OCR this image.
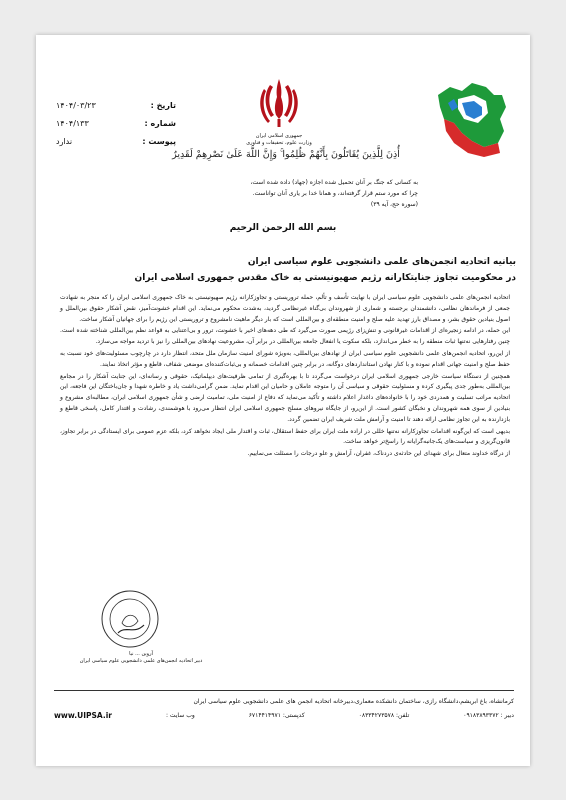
تاریخ :
۱۴۰۴/۰۳/۲۳
شماره :
۱۴۰۴/۱۳۳
پیوست :
ندارد
جمهوری اسلامی ایران
وزارت علوم، تحقیقات و فناوری
أُذِنَ لِلَّذِينَ يُقَاتَلُونَ بِأَنَّهُمْ ظُلِمُوا ۚ وَإِنَّ اللَّهَ عَلَىٰ نَصْرِهِمْ لَقَدِيرٌ
به کسانی که جنگ بر آنان تحمیل شده اجازه (جهاد) داده شده است،
چرا که مورد ستم قرار گرفته‌اند، و همانا خدا بر یاری آنان تواناست.
(سوره حج، آیه ۳۹)
بسم الله الرحمن الرحیم
بیانیه اتحادیه انجمن‌های علمی دانشجویی علوم سیاسی ایران
در محکومیت تجاوز جنایتکارانه رژیم صهیونیستی به خاک مقدس جمهوری اسلامی ایران

اتحادیه انجمن‌های علمی دانشجویی علوم سیاسی ایران با نهایت تأسف و تألم، حمله تروریستی و تجاوزکارانه رژیم صهیونیستی به خاک جمهوری اسلامی ایران را که منجر به شهادت جمعی از فرماندهان نظامی، دانشمندان برجسته و شماری از شهروندان بی‌گناه غیرنظامی گردید، به‌شدت محکوم می‌نماید. این اقدام خشونت‌آمیز، نقض آشکار حقوق بین‌الملل و اصول بنیادین حقوق بشر، و مصداق بارز تهدید علیه صلح و امنیت منطقه‌ای و بین‌المللی است که بار دیگر ماهیت نامشروع و تروریستی این رژیم را برای جهانیان آشکار ساخت.

این حمله، در ادامه زنجیره‌ای از اقدامات غیرقانونی و تنش‌زای رژیمی صورت می‌گیرد که طی دهه‌های اخیر با خشونت، ترور و بی‌اعتنایی به قواعد نظم بین‌المللی شناخته شده است. چنین رفتارهایی نه‌تنها ثبات منطقه را به خطر می‌اندازد، بلکه سکوت یا انفعال جامعه بین‌المللی در برابر آن، مشروعیت نهادهای بین‌المللی را نیز با تردید مواجه می‌سازد.

از این‌رو، اتحادیه انجمن‌های علمی دانشجویی علوم سیاسی ایران از نهادهای بین‌المللی، به‌ویژه شورای امنیت سازمان ملل متحد، انتظار دارد در چارچوب مسئولیت‌های خود نسبت به حفظ صلح و امنیت جهانی اقدام نموده و با کنار نهادن استانداردهای دوگانه، در برابر چنین اقدامات خصمانه و بی‌ثبات‌کننده‌ای موضعی شفاف، قاطع و مؤثر اتخاذ نمایند.

همچنین از دستگاه سیاست خارجی جمهوری اسلامی ایران درخواست می‌گردد تا با بهره‌گیری از تمامی ظرفیت‌های دیپلماتیک، حقوقی و رسانه‌ای، این جنایت آشکار را در مجامع بین‌المللی به‌طور جدی پیگیری کرده و مسئولیت حقوقی و سیاسی آن را متوجه عاملان و حامیان این اقدام نماید. ضمن گرامی‌داشت یاد و خاطره شهدا و جان‌باختگان این فاجعه، این اتحادیه مراتب تسلیت و همدردی خود را با خانواده‌های داغدار اعلام داشته و تأکید می‌نماید که دفاع از امنیت ملی، تمامیت ارضی و شأن جمهوری اسلامی ایران، مطالبه‌ای مشروع و بنیادین از سوی همه شهروندان و نخبگان کشور است. از این‌رو، از جایگاه نیروهای مسلح جمهوری اسلامی ایران انتظار می‌رود با هوشمندی، رشادت و اقتدار کامل، پاسخی قاطع و بازدارنده به این تجاوز نظامی ارائه دهند تا امنیت و آرامش ملت شریف ایران تضمین گردد.

بدیهی است که این‌گونه اقدامات تجاوزکارانه نه‌تنها خللی در اراده ملت ایران برای حفظ استقلال، ثبات و اقتدار ملی ایجاد نخواهد کرد، بلکه عزم عمومی برای ایستادگی در برابر تجاوز، قانون‌گریزی و سیاست‌های یک‌جانبه‌گرایانه را راسخ‌تر خواهد ساخت.

از درگاه خداوند متعال برای شهدای این حادثه‌ی دردناک، غفران، آرامش و علو درجات را مسئلت می‌نماییم.

آروین ... نیا
دبیر اتحادیه انجمن‌های علمی دانشجویی علوم سیاسی ایران
کرمانشاه، باغ ابریشم،دانشگاه رازی، ساختمان دانشکده معماری،دبیرخانه اتحادیه انجمن های علمی دانشجویی علوم سیاسی ایران
www.UIPSA.ir	وب سایت :	کدپستی: ۶۷۱۴۴۱۴۹۷۱	تلفن: ۰۸۳۳۴۲۷۳۵۷۸	دبیر : ۰۹۱۸۳۸۹۳۳۷۲
